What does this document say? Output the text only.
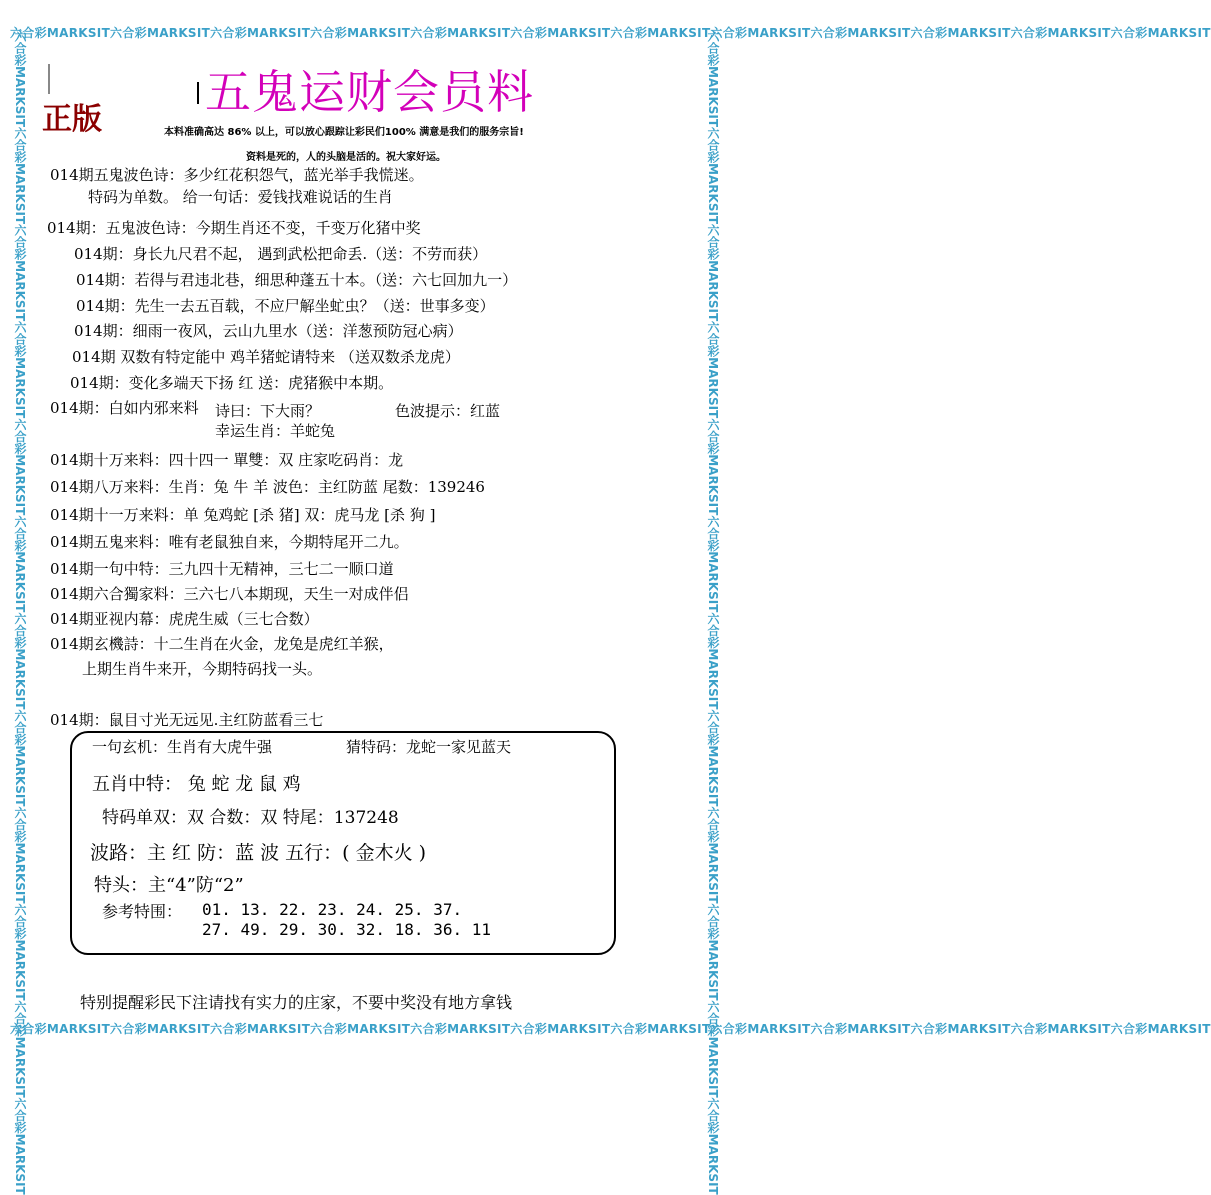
六合彩MARKSIT六合彩MARKSIT六合彩MARKSIT六合彩MARKSIT六合彩MARKSIT六合彩MARKSIT六合彩MARKSIT六合彩MARKSIT六合彩MARKSIT六合彩MARKSIT六合彩MARKSIT六合彩MARKSIT
六合彩MARKSIT六合彩MARKSIT六合彩MARKSIT六合彩MARKSIT六合彩MARKSIT六合彩MARKSIT六合彩MARKSIT六合彩MARKSIT六合彩MARKSIT六合彩MARKSIT六合彩MARKSIT六合彩MARKSIT
六合彩MARKSIT六合彩MARKSIT六合彩MARKSIT六合彩MARKSIT六合彩MARKSIT六合彩MARKSIT六合彩MARKSIT六合彩MARKSIT六合彩MARKSIT六合彩MARKSIT六合彩MARKSIT六合彩MARKSIT	六合彩MARKSIT六合彩MARKSIT六合彩MARKSIT六合彩MARKSIT六合彩MARKSIT六合彩MARKSIT六合彩MARKSIT六合彩MARKSIT六合彩MARKSIT六合彩MARKSIT六合彩MARKSIT六合彩MARKSIT
正版
五鬼运财会员料
本料准确高达 86% 以上，可以放心跟踪让彩民们100% 满意是我们的服务宗旨!
资料是死的，人的头脑是活的。祝大家好运。
014期五鬼波色诗：多少红花积怨气，蓝光举手我慌迷。
特码为单数。 给一句话：爱钱找难说话的生肖
014期：五鬼波色诗：今期生肖还不变，千变万化猪中奖
014期：身长九尺君不起， 遇到武松把命丢.（送：不劳而获）
014期：若得与君违北巷，细思种蓬五十本。（送：六七回加九一）
014期：先生一去五百载，不应尸解坐虻虫？（送：世事多变）
014期：细雨一夜风，云山九里水（送：洋葱预防冠心病）
014期 双数有特定能中 鸡羊猪蛇请特来 （送双数杀龙虎）
014期：变化多端天下扬 红 送：虎猪猴中本期。
014期：白如内邪来料 诗曰：下大雨？	色波提示：红蓝
幸运生肖：羊蛇兔
014期十万来料：四十四一 單雙：双 庄家吃码肖：龙
014期八万来料：生肖：兔 牛 羊 波色：主红防蓝 尾数：139246
014期十一万来料：单 兔鸡蛇 [杀 猪] 双：虎马龙 [杀 狗 ]
014期五鬼来料：唯有老鼠独自来，今期特尾开二九。
014期一句中特：三九四十无精神，三七二一顺口道
014期六合獨家料：三六七八本期现，天生一对成伴侣
014期亚视内幕：虎虎生威（三七合数）
014期玄機詩：十二生肖在火金，龙兔是虎红羊猴，
上期生肖牛来开，今期特码找一头。
014期：鼠目寸光无远见.主红防蓝看三七
一句玄机：生肖有大虎牛强	猜特码：龙蛇一家见蓝天
五肖中特： 兔 蛇 龙 鼠 鸡
特码单双：双 合数：双 特尾：137248
波路：主 红 防：蓝 波 五行：( 金木火 )
特头：主“4”防“2”
参考特围： 01. 13. 22. 23. 24. 25. 37.
27. 49. 29. 30. 32. 18. 36. 11
特别提醒彩民下注请找有实力的庄家，不要中奖没有地方拿钱
